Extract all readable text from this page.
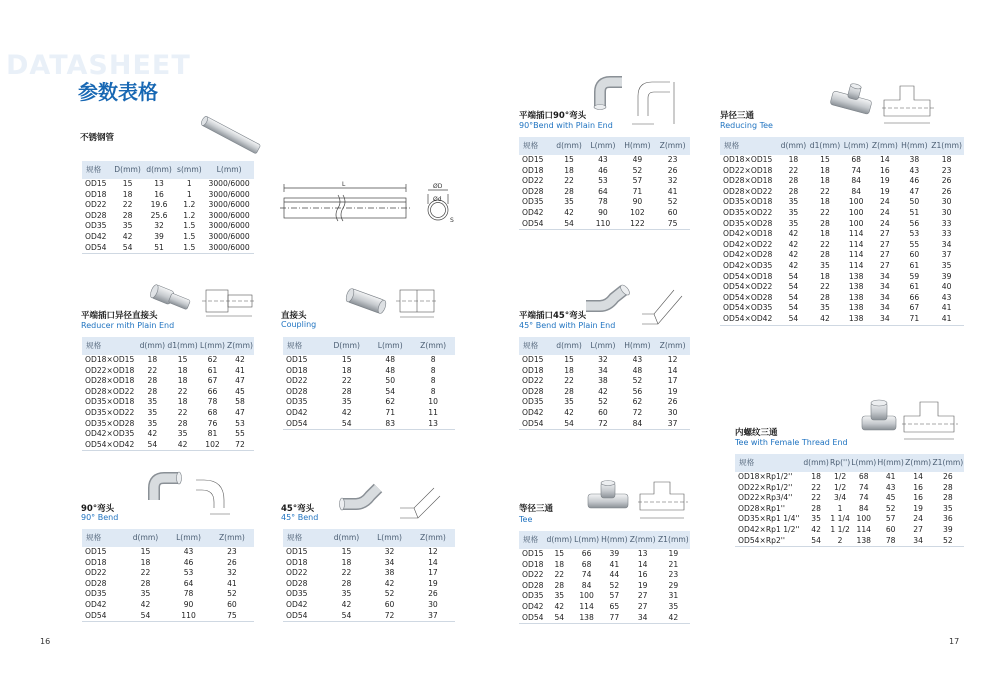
DATASHEET
参数表格
不锈钢管
L	ØD
Ød
S
规格	D(mm)	d(mm)	s(mm)	L(mm)
OD15	15	13	1	3000/6000
OD18	18	16	1	3000/6000
OD22	22	19.6	1.2	3000/6000
OD28	28	25.6	1.2	3000/6000
OD35	35	32	1.5	3000/6000
OD42	42	39	1.5	3000/6000
OD54	54	51	1.5	3000/6000
平端插口异径直接头
Reducer mith Plain End
规格	d(mm)	d1(mm)	L(mm)	Z(mm)
OD18×OD15	18	15	62	42
OD22×OD18	22	18	61	41
OD28×OD18	28	18	67	47
OD28×OD22	28	22	66	45
OD35×OD18	35	18	78	58
OD35×OD22	35	22	68	47
OD35×OD28	35	28	76	53
OD42×OD35	42	35	81	55
OD54×OD42	54	42	102	72
直接头
Coupling
规格	D(mm)	L(mm)	Z(mm)
OD15	15	48	8
OD18	18	48	8
OD22	22	50	8
OD28	28	54	8
OD35	35	62	10
OD42	42	71	11
OD54	54	83	13
90°弯头
90° Bend
规格	d(mm)	L(mm)	Z(mm)
OD15	15	43	23
OD18	18	46	26
OD22	22	53	32
OD28	28	64	41
OD35	35	78	52
OD42	42	90	60
OD54	54	110	75
45°弯头
45° Bend
规格	d(mm)	L(mm)	Z(mm)
OD15	15	32	12
OD18	18	34	14
OD22	22	38	17
OD28	28	42	19
OD35	35	52	26
OD42	42	60	30
OD54	54	72	37
平端插口90°弯头
90°Bend with Plain End
规格	d(mm)	L(mm)	H(mm)	Z(mm)
OD15	15	43	49	23
OD18	18	46	52	26
OD22	22	53	57	32
OD28	28	64	71	41
OD35	35	78	90	52
OD42	42	90	102	60
OD54	54	110	122	75
平端插口45°弯头
45° Bend with Plain End
规格	d(mm)	L(mm)	H(mm)	Z(mm)
OD15	15	32	43	12
OD18	18	34	48	14
OD22	22	38	52	17
OD28	28	42	56	19
OD35	35	52	62	26
OD42	42	60	72	30
OD54	54	72	84	37
等径三通
Tee
规格	d(mm)	L(mm)	H(mm)	Z(mm)	Z1(mm)
OD15	15	66	39	13	19
OD18	18	68	41	14	21
OD22	22	74	44	16	23
OD28	28	84	52	19	29
OD35	35	100	57	27	31
OD42	42	114	65	27	35
OD54	54	138	77	34	42
异径三通
Reducing Tee
规格	d(mm)	d1(mm)	L(mm)	Z(mm)	H(mm)	Z1(mm)
OD18×OD15	18	15	68	14	38	18
OD22×OD18	22	18	74	16	43	23
OD28×OD18	28	18	84	19	46	26
OD28×OD22	28	22	84	19	47	26
OD35×OD18	35	18	100	24	50	30
OD35×OD22	35	22	100	24	51	30
OD35×OD28	35	28	100	24	56	33
OD42×OD18	42	18	114	27	53	33
OD42×OD22	42	22	114	27	55	34
OD42×OD28	42	28	114	27	60	37
OD42×OD35	42	35	114	27	61	35
OD54×OD18	54	18	138	34	59	39
OD54×OD22	54	22	138	34	61	40
OD54×OD28	54	28	138	34	66	43
OD54×OD35	54	35	138	34	67	41
OD54×OD42	54	42	138	34	71	41
内螺纹三通
Tee with Female Thread End
规格	d(mm)	Rp('')	L(mm)	H(mm)	Z(mm)	Z1(mm)
OD18×Rp1/2''	18	1/2	68	41	14	26
OD22×Rp1/2''	22	1/2	74	43	16	28
OD22×Rp3/4''	22	3/4	74	45	16	28
OD28×Rp1''	28	1	84	52	19	35
OD35×Rp1 1/4''	35	1 1/4	100	57	24	36
OD42×Rp1 1/2''	42	1 1/2	114	60	27	39
OD54×Rp2''	54	2	138	78	34	52
16	17
